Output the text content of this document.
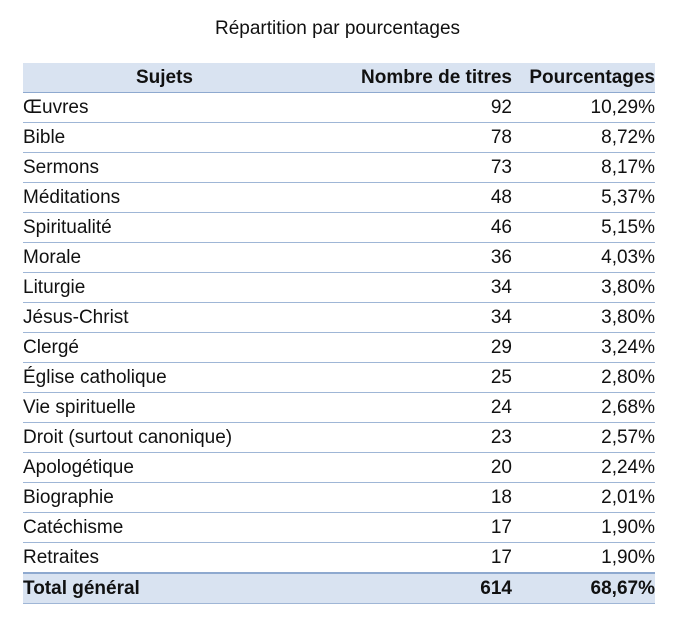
Répartition par pourcentages
Sujets	Nombre de titres	Pourcentages
Œuvres	92	10,29%
Bible	78	8,72%
Sermons	73	8,17%
Méditations	48	5,37%
Spiritualité	46	5,15%
Morale	36	4,03%
Liturgie	34	3,80%
Jésus-Christ	34	3,80%
Clergé	29	3,24%
Église catholique	25	2,80%
Vie spirituelle	24	2,68%
Droit (surtout canonique)	23	2,57%
Apologétique	20	2,24%
Biographie	18	2,01%
Catéchisme	17	1,90%
Retraites	17	1,90%
Total général	614	68,67%
